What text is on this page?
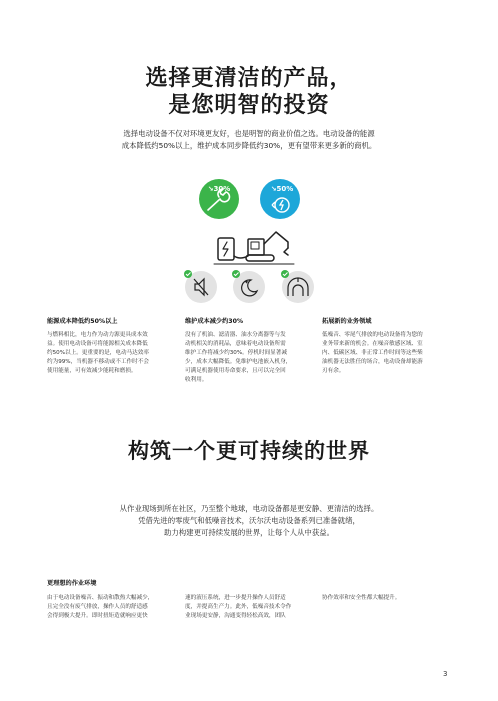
选择更清洁的产品，
是您明智的投资
选择电动设备不仅对环境更友好，也是明智的商业价值之选。电动设备的能源
成本降低约50%以上，维护成本同步降低约30%，更有望带来更多新的商机。
↘30%	↘50%
✦
能源成本降低约50%以上
与燃料相比，电力作为动力源更具成本效
益。使用电动设备可将能源相关成本降低
约50%以上。更重要的是，电动马达效率
约为99%，当机器不移动或不工作时不会
使用能量，可有效减少能耗和磨损。
维护成本减少约30%
没有了机油、滤清器、油水分离器等与发
动机相关的消耗品，意味着电动设备所需
维护工作将减少约30%。停机时间显著减
少，成本大幅降低。免维护电池嵌入机身，
可满足机器使用寿命要求，且可以完全回
收利用。
拓展新的业务领域
低噪音、零尾气排放的电动设备将为您的
业务带来新的机会。在噪音敏感区域、室
内、低碳区域、非正常工作时间等这些柴
油机器无法胜任的场合，电动设备却能游
刃有余。
构筑一个更可持续的世界
从作业现场到所在社区，乃至整个地球，电动设备都是更安静、更清洁的选择。
凭借先进的零废气和低噪音技术，沃尔沃电动设备系列已准备就绪，
助力构建更可持续发展的世界，让每个人从中获益。
更理想的作业环境
由于电动设备噪音、振动和散热大幅减少，
且完全没有废气排放，操作人员的舒适感
会得到极大提升。即时扭矩造就响应更快
速的液压系统，进一步提升操作人员舒适
度，并提高生产力。此外，低噪音技术令作
业现场更安静，沟通变得轻松高效，团队
协作效率和安全性都大幅提升。
3
